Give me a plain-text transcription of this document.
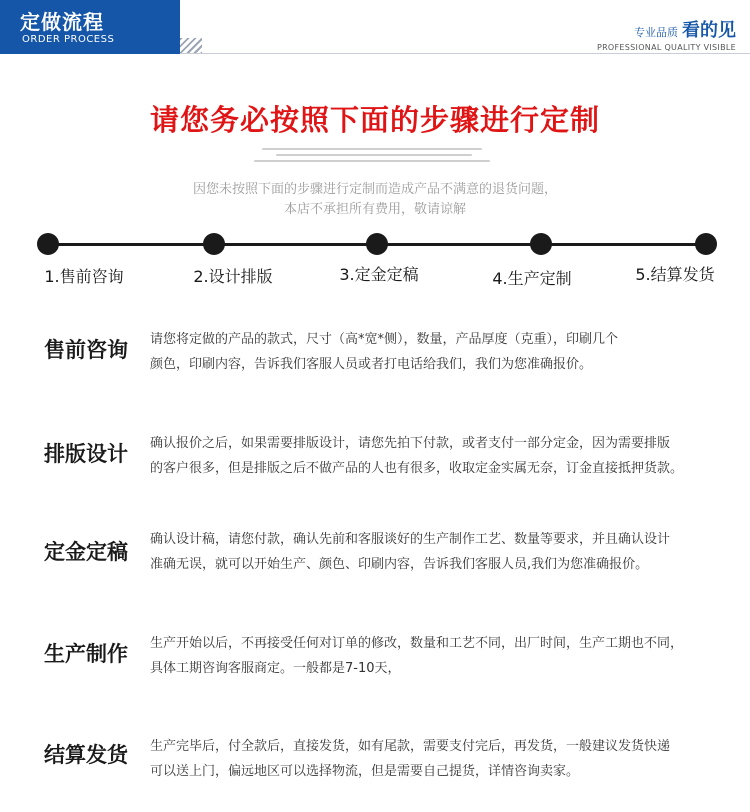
定做流程
ORDER PROCESS
专业品质 看的见
PROFESSIONAL QUALITY VISIBLE
请您务必按照下面的步骤进行定制
因您未按照下面的步骤进行定制而造成产品不满意的退货问题，
本店不承担所有费用，敬请谅解
1.售前咨询	2.设计排版	3.定金定稿	4.生产定制	5.结算发货
售前咨询 请您将定做的产品的款式，尺寸（高*宽*侧），数量，产品厚度（克重），印刷几个
颜色，印刷内容，告诉我们客服人员或者打电话给我们，我们为您准确报价。
排版设计 确认报价之后，如果需要排版设计，请您先拍下付款，或者支付一部分定金，因为需要排版
的客户很多，但是排版之后不做产品的人也有很多，收取定金实属无奈，订金直接抵押货款。
定金定稿
确认设计稿，请您付款，确认先前和客服谈好的生产制作工艺、数量等要求，并且确认设计
准确无误，就可以开始生产、颜色、印刷内容，告诉我们客服人员,我们为您准确报价。
生产制作 生产开始以后，不再接受任何对订单的修改，数量和工艺不同，出厂时间，生产工期也不同，
具体工期咨询客服商定。一般都是7-10天，
结算发货 生产完毕后，付全款后，直接发货，如有尾款，需要支付完后，再发货，一般建议发货快递
可以送上门，偏远地区可以选择物流，但是需要自己提货，详情咨询卖家。
